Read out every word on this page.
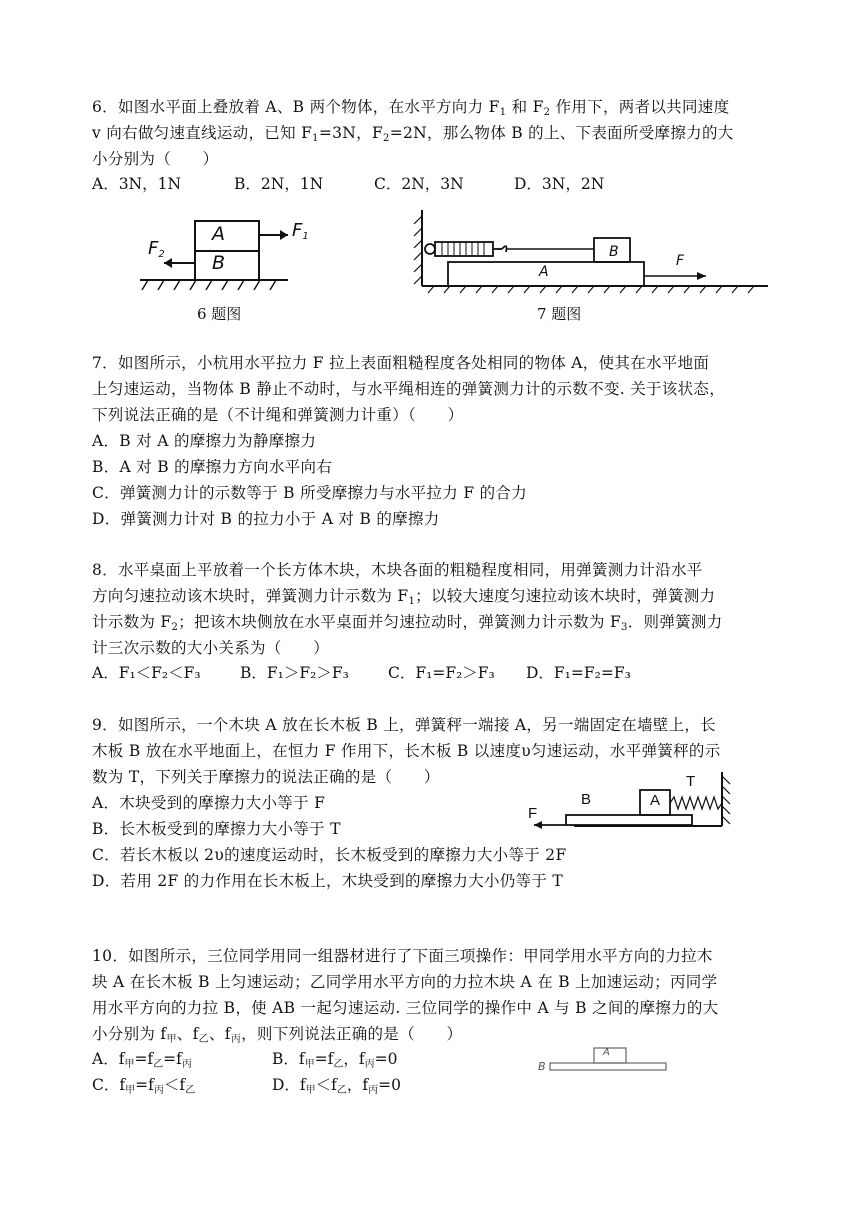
6．如图水平面上叠放着 A、B 两个物体，在水平方向力 $F_1$ 和 $F_2$ 作用下，两者以共同速度
v 向右做匀速直线运动，已知 $F_1=3N$，$F_2=2N$，那么物体 B 的上、下表面所受摩擦力的大
小分别为（　　）
A．3N，1N	B．2N，1N	C．2N，3N	D．3N，2N
A
B
$F_1$
$F_2$
6 题图
B
A
F
7 题图
7．如图所示，小杭用水平拉力 F 拉上表面粗糙程度各处相同的物体 A，使其在水平地面
上匀速运动，当物体 B 静止不动时，与水平绳相连的弹簧测力计的示数不变. 关于该状态，
下列说法正确的是（不计绳和弹簧测力计重）（　　）
A．B 对 A 的摩擦力为静摩擦力
B．A 对 B 的摩擦力方向水平向右
C．弹簧测力计的示数等于 B 所受摩擦力与水平拉力 F 的合力
D．弹簧测力计对 B 的拉力小于 A 对 B 的摩擦力
8．水平桌面上平放着一个长方体木块，木块各面的粗糙程度相同，用弹簧测力计沿水平
方向匀速拉动该木块时，弹簧测力计示数为 $F_1$；以较大速度匀速拉动该木块时，弹簧测力
计示数为 $F_2$；把该木块侧放在水平桌面并匀速拉动时，弹簧测力计示数为 $F_3$．则弹簧测力
计三次示数的大小关系为（　　）
A．F₁＜F₂＜F₃	B．F₁＞F₂＞F₃	C．F₁=F₂＞F₃ D．F₁=F₂=F₃
9．如图所示，一个木块 A 放在长木板 B 上，弹簧秤一端接 A，另一端固定在墙壁上，长
木板 B 放在水平地面上，在恒力 F 作用下，长木板 B 以速度υ匀速运动，水平弹簧秤的示
数为 T，下列关于摩擦力的说法正确的是（　　）
A．木块受到的摩擦力大小等于 F
B．长木板受到的摩擦力大小等于 T
C．若长木板以 2υ的速度运动时，长木板受到的摩擦力大小等于 2F
D．若用 2F 的力作用在长木板上，木块受到的摩擦力大小仍等于 T
B	A
T
F
10．如图所示，三位同学用同一组器材进行了下面三项操作：甲同学用水平方向的力拉木
块 A 在长木板 B 上匀速运动；乙同学用水平方向的力拉木块 A 在 B 上加速运动；丙同学
用水平方向的力拉 B，使 AB 一起匀速运动. 三位同学的操作中 A 与 B 之间的摩擦力的大
小分别为 $f_甲$、$f_乙$、$f_丙$，则下列说法正确的是（　　）
A．$f_甲=f_乙=f_丙$	B．$f_甲=f_乙$，$f_丙=0$
C．$f_甲=f_丙<f_乙$	D．$f_甲<f_乙$，$f_丙=0$
B
A
